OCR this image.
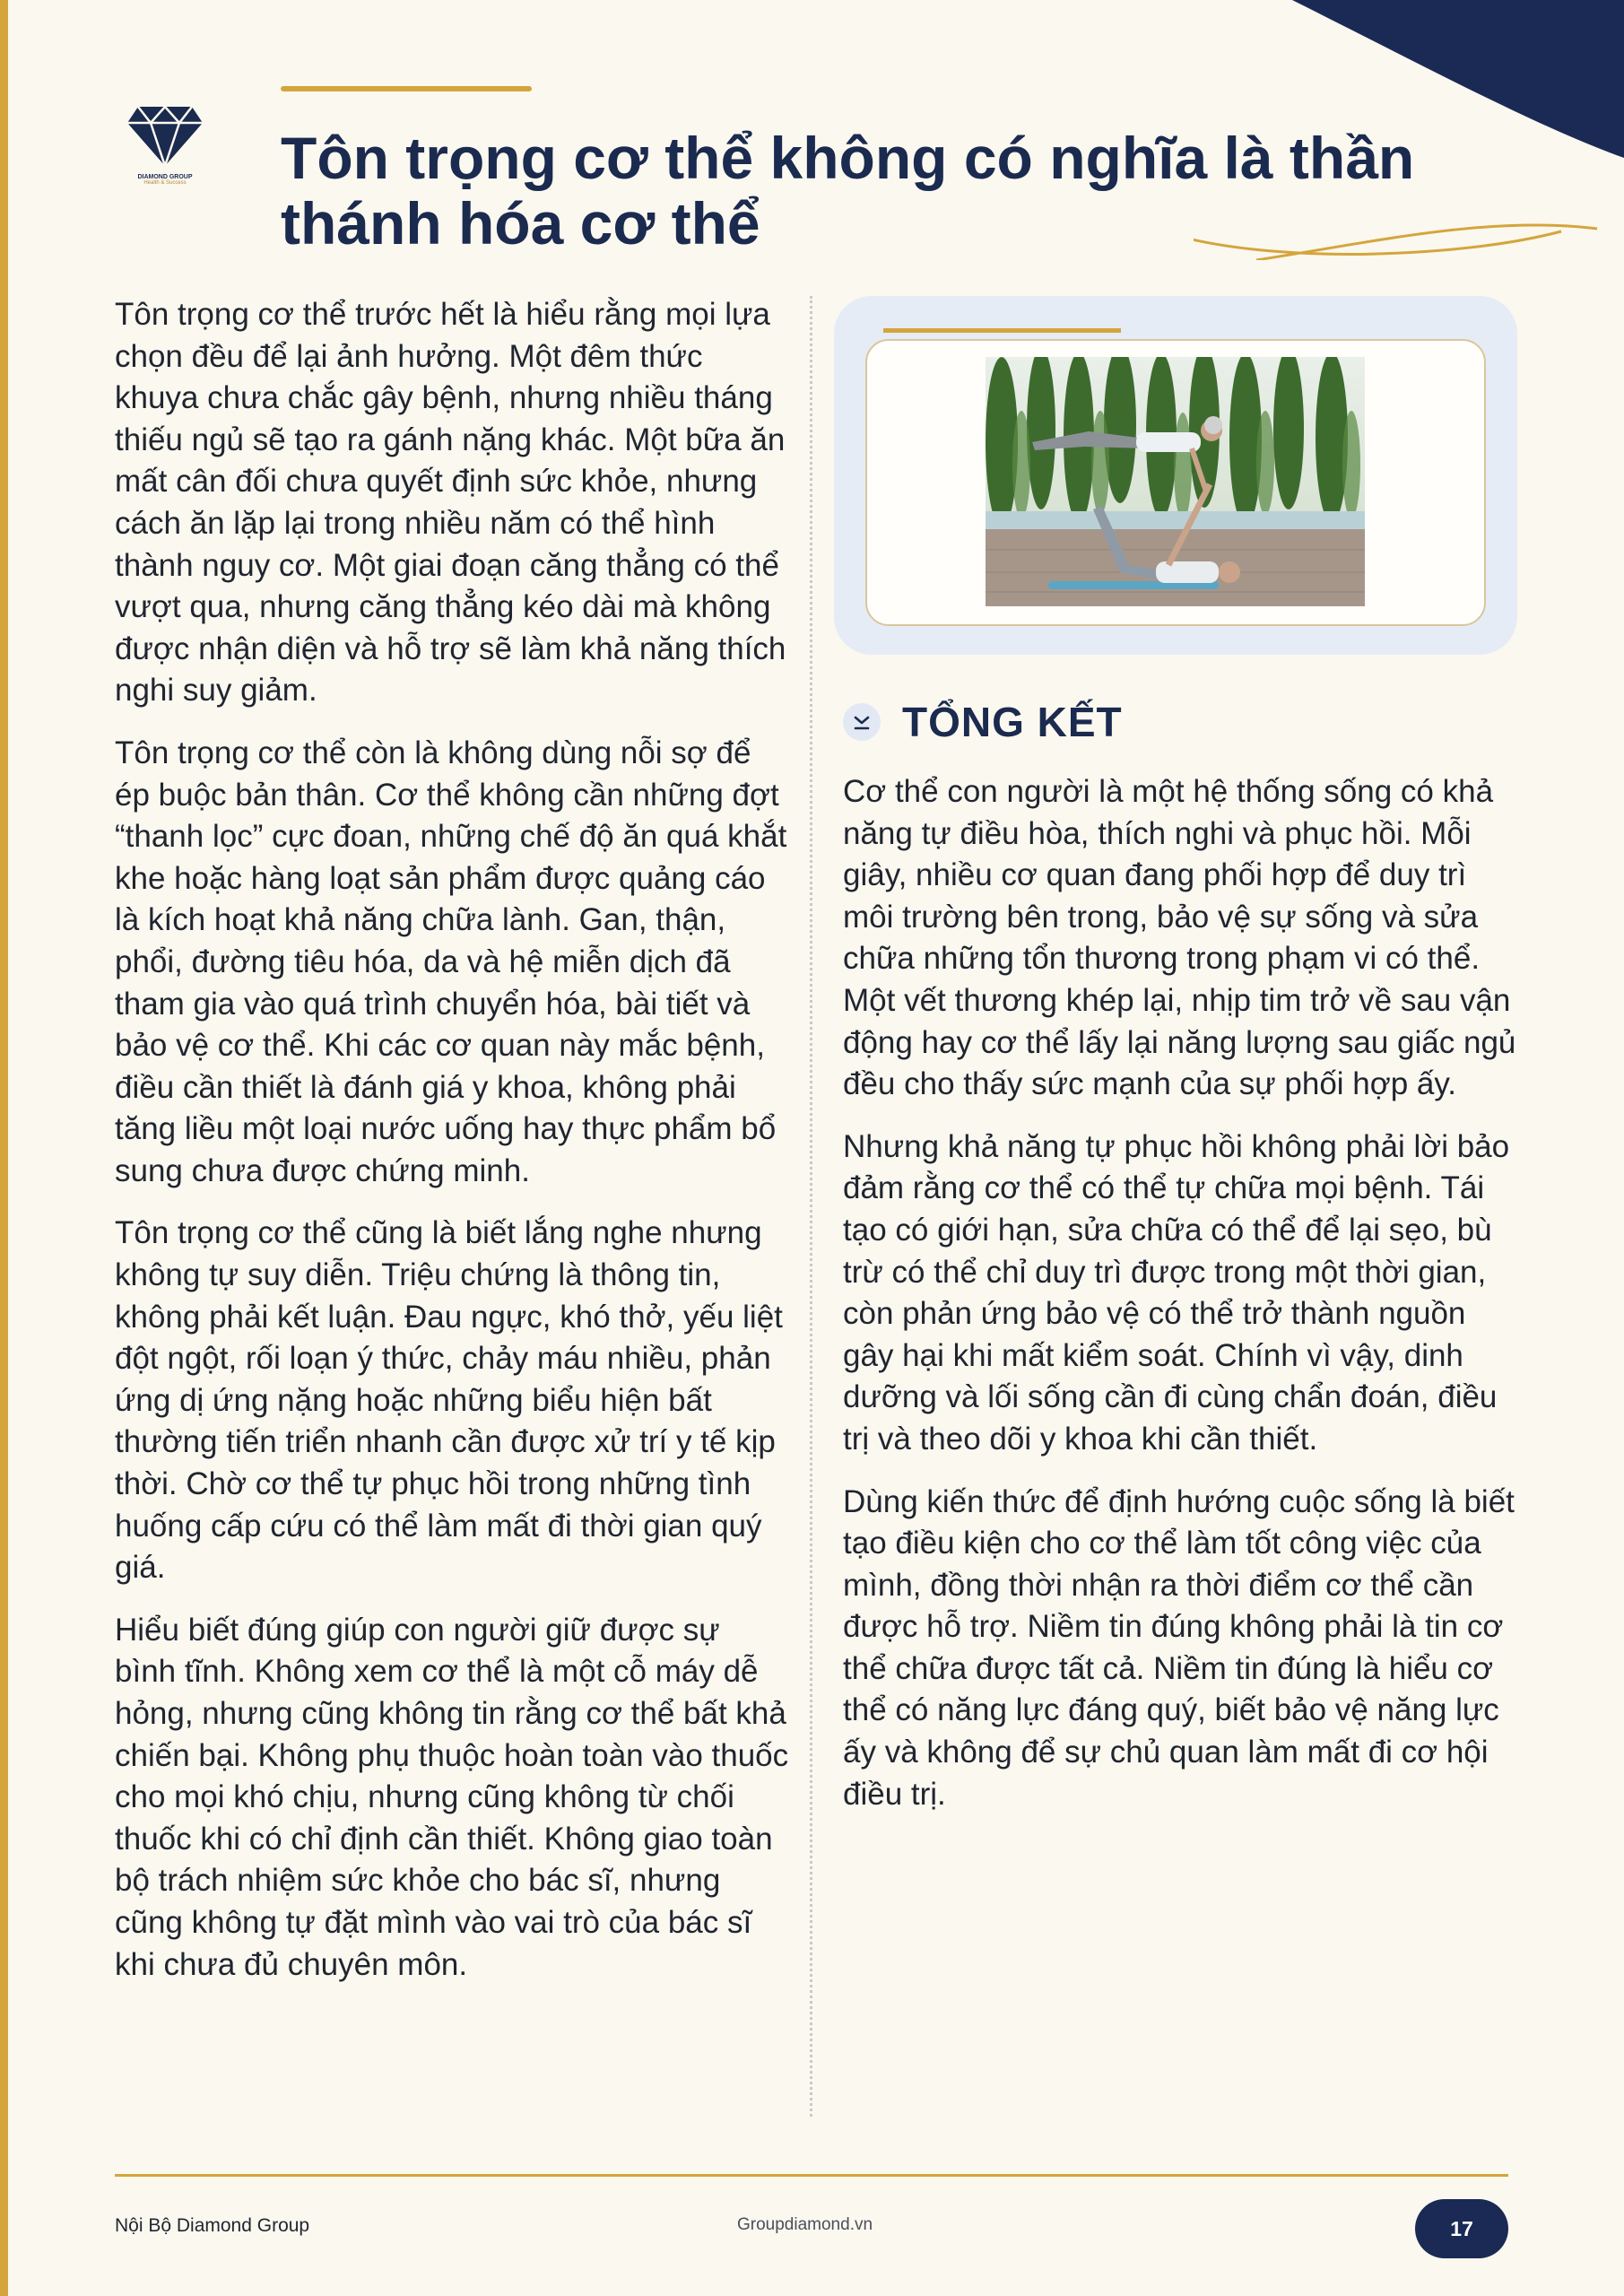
DIAMOND GROUP
Health & Success	Tôn trọng cơ thể không có nghĩa là thần thánh hóa cơ thể

Tôn trọng cơ thể trước hết là hiểu rằng mọi lựa chọn đều để lại ảnh hưởng. Một đêm thức khuya chưa chắc gây bệnh, nhưng nhiều tháng thiếu ngủ sẽ tạo ra gánh nặng khác. Một bữa ăn mất cân đối chưa quyết định sức khỏe, nhưng cách ăn lặp lại trong nhiều năm có thể hình thành nguy cơ. Một giai đoạn căng thẳng có thể vượt qua, nhưng căng thẳng kéo dài mà không được nhận diện và hỗ trợ sẽ làm khả năng thích nghi suy giảm.

Tôn trọng cơ thể còn là không dùng nỗi sợ để ép buộc bản thân. Cơ thể không cần những đợt “thanh lọc” cực đoan, những chế độ ăn quá khắt khe hoặc hàng loạt sản phẩm được quảng cáo là kích hoạt khả năng chữa lành. Gan, thận, phổi, đường tiêu hóa, da và hệ miễn dịch đã tham gia vào quá trình chuyển hóa, bài tiết và bảo vệ cơ thể. Khi các cơ quan này mắc bệnh, điều cần thiết là đánh giá y khoa, không phải tăng liều một loại nước uống hay thực phẩm bổ sung chưa được chứng minh.

Tôn trọng cơ thể cũng là biết lắng nghe nhưng không tự suy diễn. Triệu chứng là thông tin, không phải kết luận. Đau ngực, khó thở, yếu liệt đột ngột, rối loạn ý thức, chảy máu nhiều, phản ứng dị ứng nặng hoặc những biểu hiện bất thường tiến triển nhanh cần được xử trí y tế kịp thời. Chờ cơ thể tự phục hồi trong những tình huống cấp cứu có thể làm mất đi thời gian quý giá.

Hiểu biết đúng giúp con người giữ được sự bình tĩnh. Không xem cơ thể là một cỗ máy dễ hỏng, nhưng cũng không tin rằng cơ thể bất khả chiến bại. Không phụ thuộc hoàn toàn vào thuốc cho mọi khó chịu, nhưng cũng không từ chối thuốc khi có chỉ định cần thiết. Không giao toàn bộ trách nhiệm sức khỏe cho bác sĩ, nhưng cũng không tự đặt mình vào vai trò của bác sĩ khi chưa đủ chuyên môn.

TỔNG KẾT

Cơ thể con người là một hệ thống sống có khả năng tự điều hòa, thích nghi và phục hồi. Mỗi giây, nhiều cơ quan đang phối hợp để duy trì môi trường bên trong, bảo vệ sự sống và sửa chữa những tổn thương trong phạm vi có thể. Một vết thương khép lại, nhịp tim trở về sau vận động hay cơ thể lấy lại năng lượng sau giấc ngủ đều cho thấy sức mạnh của sự phối hợp ấy.

Nhưng khả năng tự phục hồi không phải lời bảo đảm rằng cơ thể có thể tự chữa mọi bệnh. Tái tạo có giới hạn, sửa chữa có thể để lại sẹo, bù trừ có thể chỉ duy trì được trong một thời gian, còn phản ứng bảo vệ có thể trở thành nguồn gây hại khi mất kiểm soát. Chính vì vậy, dinh dưỡng và lối sống cần đi cùng chẩn đoán, điều trị và theo dõi y khoa khi cần thiết.

Dùng kiến thức để định hướng cuộc sống là biết tạo điều kiện cho cơ thể làm tốt công việc của mình, đồng thời nhận ra thời điểm cơ thể cần được hỗ trợ. Niềm tin đúng không phải là tin cơ thể chữa được tất cả. Niềm tin đúng là hiểu cơ thể có năng lực đáng quý, biết bảo vệ năng lực ấy và không để sự chủ quan làm mất đi cơ hội điều trị.

Nội Bộ Diamond Group	Groupdiamond.vn	17
